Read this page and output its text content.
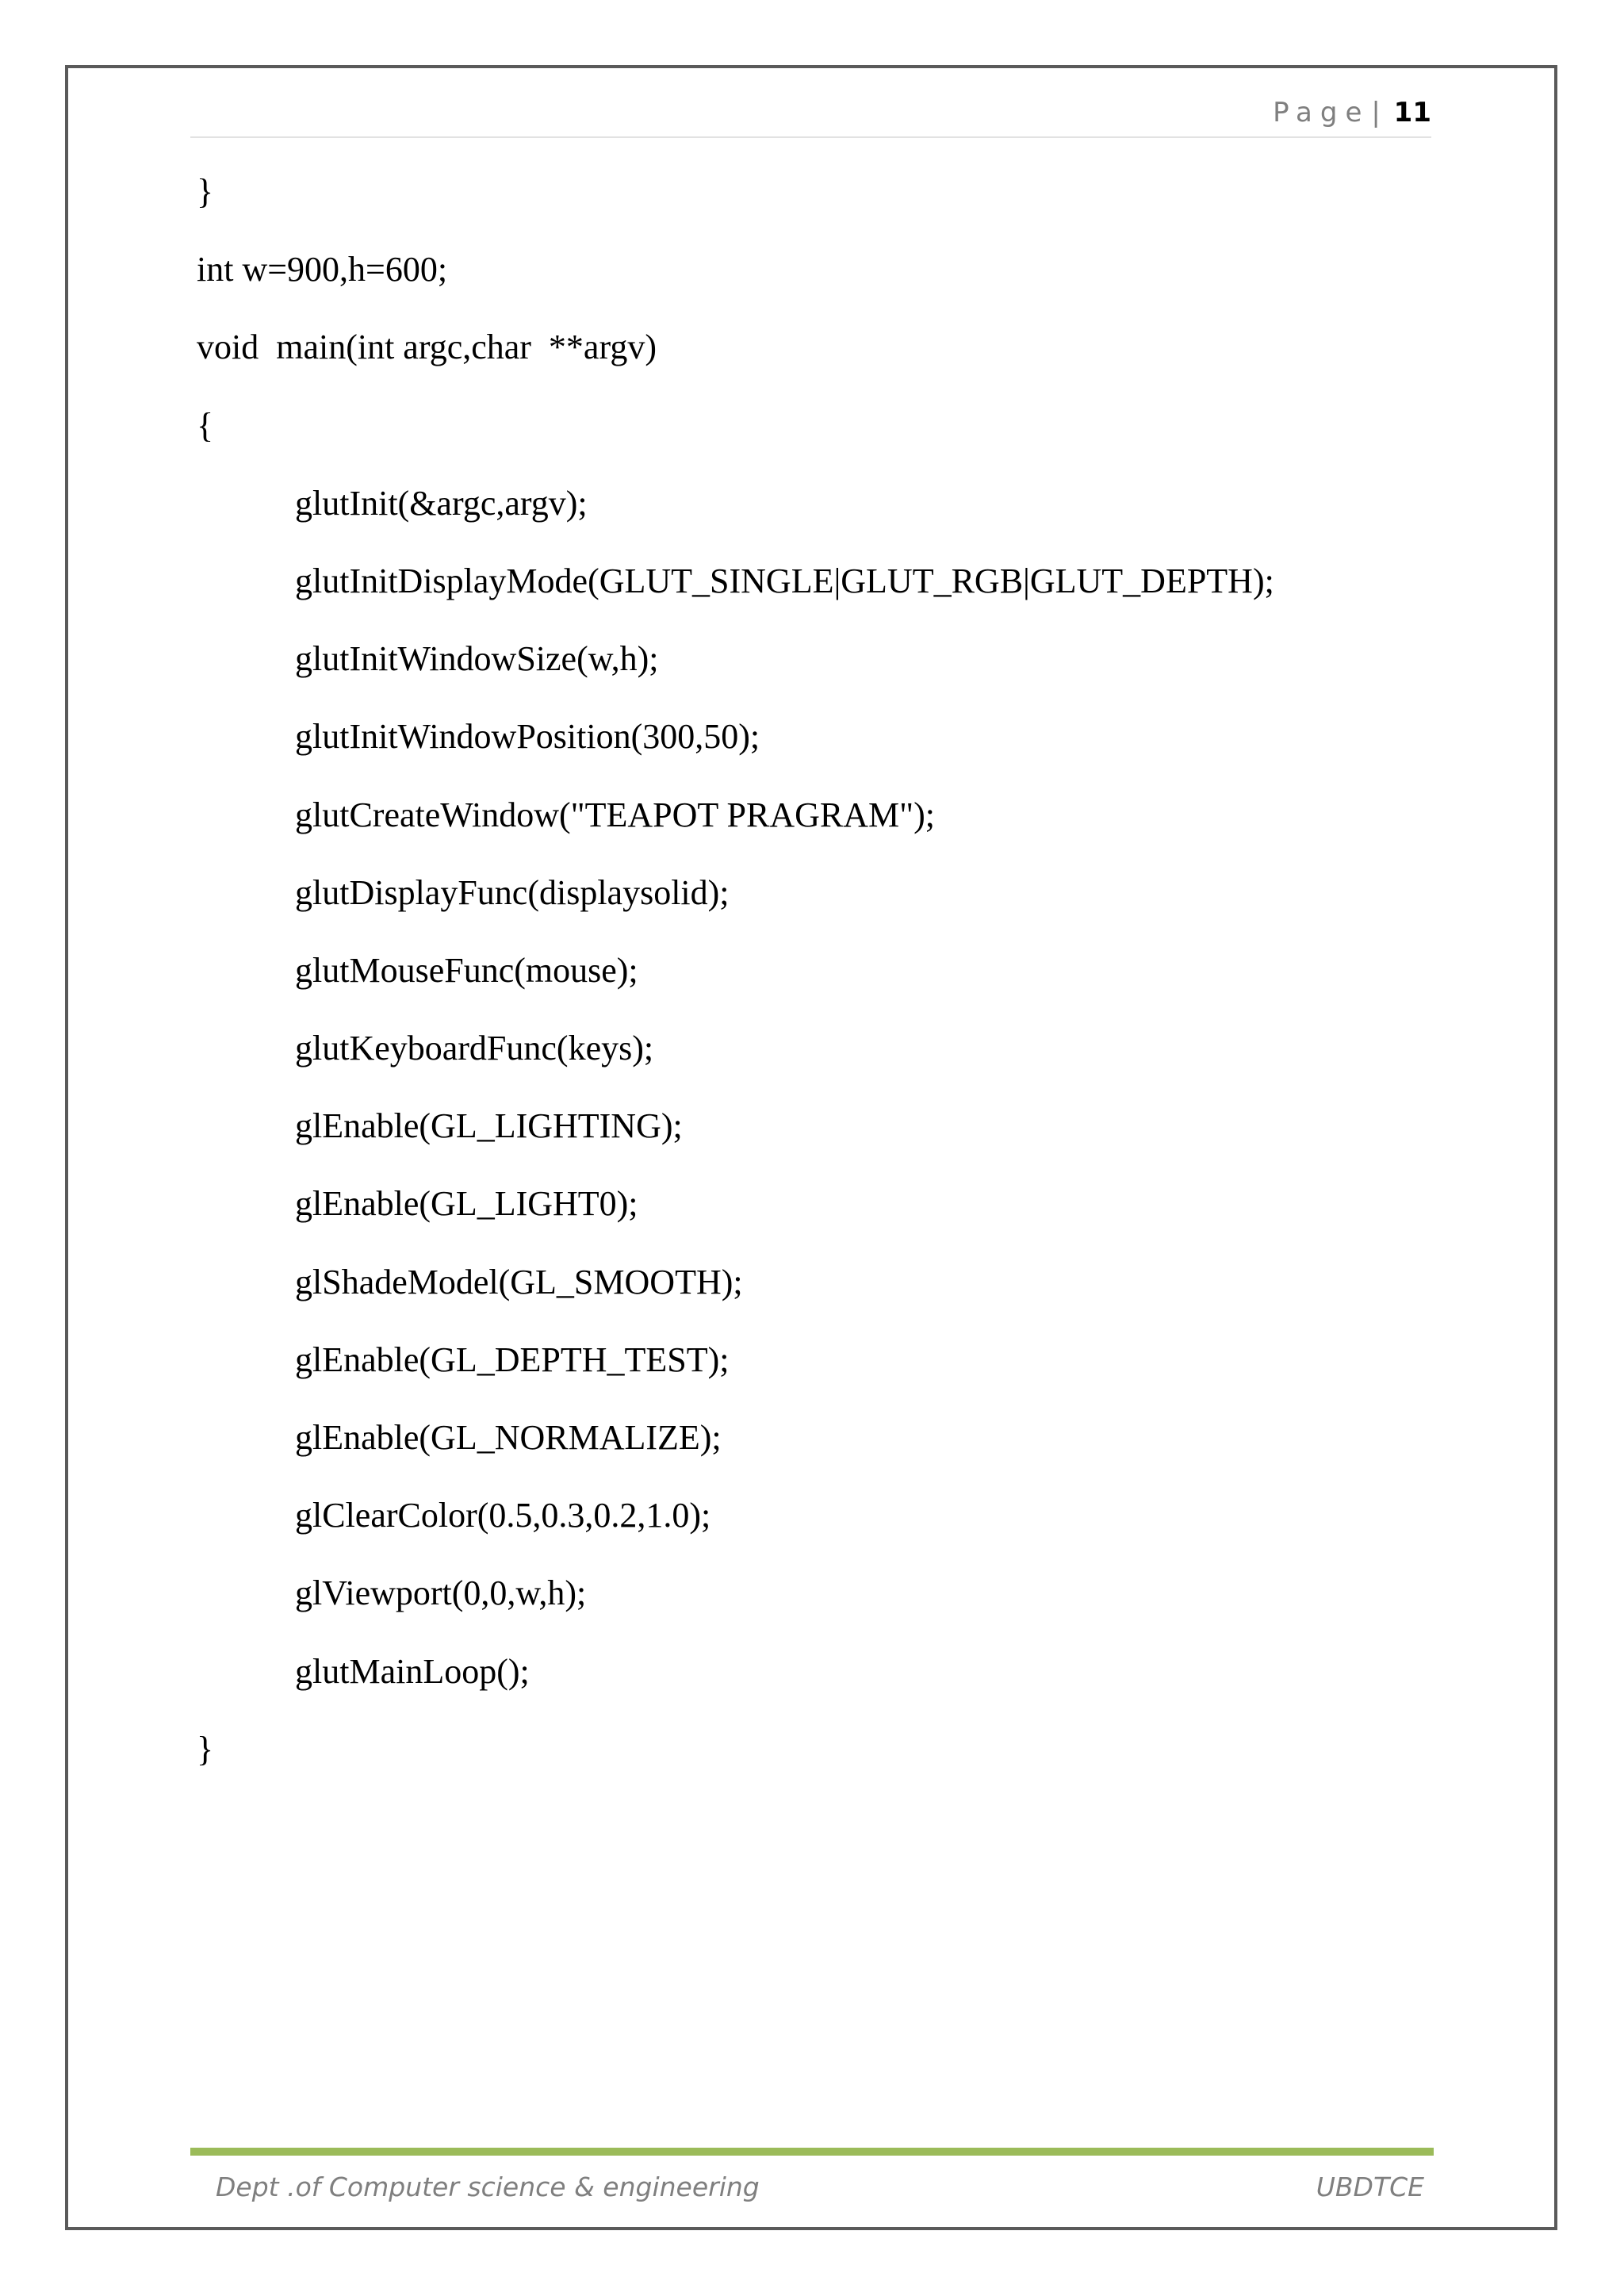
Page| 11
}
int w=900,h=600;
void  main(int argc,char  **argv)
{
glutInit(&argc,argv);
glutInitDisplayMode(GLUT_SINGLE|GLUT_RGB|GLUT_DEPTH);
glutInitWindowSize(w,h);
glutInitWindowPosition(300,50);
glutCreateWindow("TEAPOT PRAGRAM");
glutDisplayFunc(displaysolid);
glutMouseFunc(mouse);
glutKeyboardFunc(keys);
glEnable(GL_LIGHTING);
glEnable(GL_LIGHT0);
glShadeModel(GL_SMOOTH);
glEnable(GL_DEPTH_TEST);
glEnable(GL_NORMALIZE);
glClearColor(0.5,0.3,0.2,1.0);
glViewport(0,0,w,h);
glutMainLoop();
}
Dept .of Computer science & engineering	UBDTCE
